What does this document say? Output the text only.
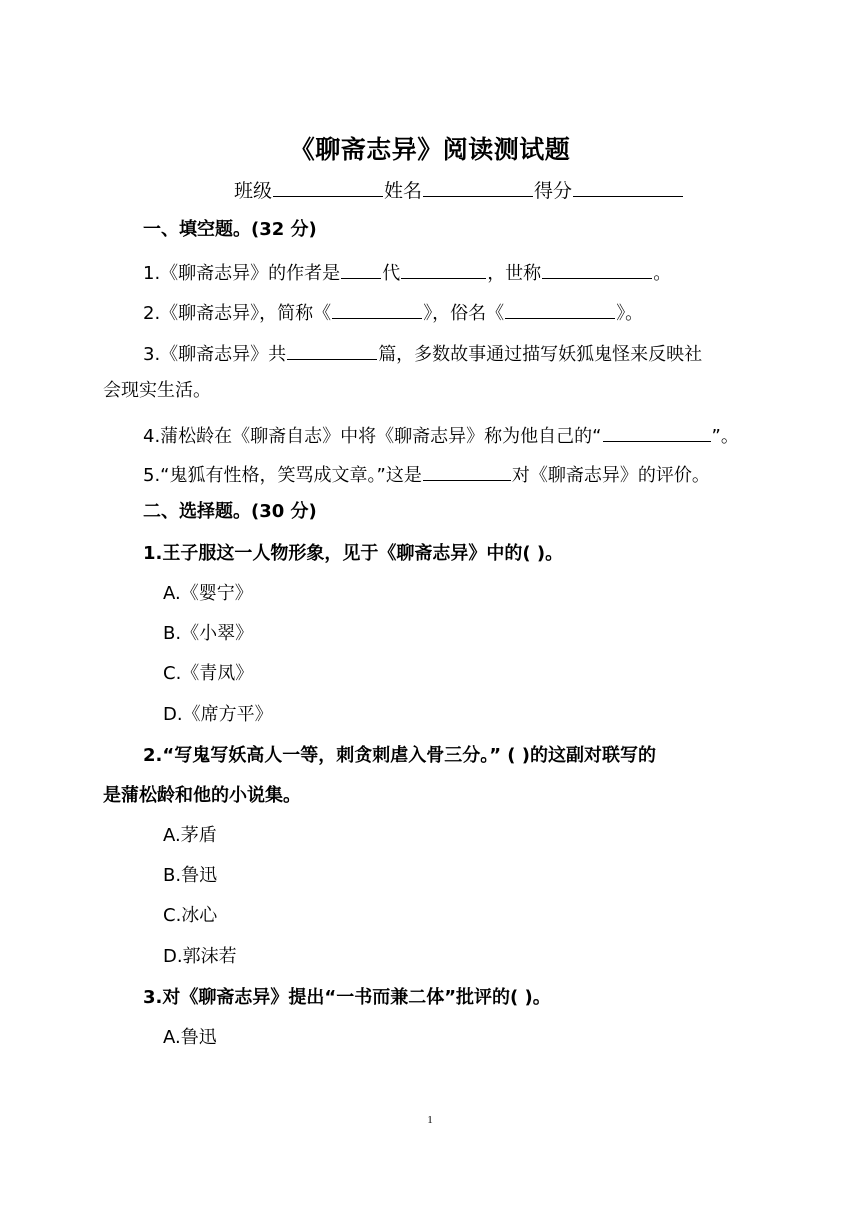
《聊斋志异》阅读测试题
班级	姓名	得分
一、填空题。(32 分)
1.《聊斋志异》的作者是 代	，世称	。
2.《聊斋志异》，简称《	》，俗名《	》。
3.《聊斋志异》共	篇，多数故事通过描写妖狐鬼怪来反映社
会现实生活。
4.蒲松龄在《聊斋自志》中将《聊斋志异》称为他自己的“	”。
5.“鬼狐有性格，笑骂成文章。”这是	对《聊斋志异》的评价。
二、选择题。(30 分)
1.王子服这一人物形象，见于《聊斋志异》中的( )。
A.《婴宁》
B.《小翠》
C.《青凤》
D.《席方平》
2.“写鬼写妖高人一等，刺贪刺虐入骨三分。” ( )的这副对联写的
是蒲松龄和他的小说集。
A.茅盾
B.鲁迅
C.冰心
D.郭沫若
3.对《聊斋志异》提出“一书而兼二体”批评的( )。
A.鲁迅
1
